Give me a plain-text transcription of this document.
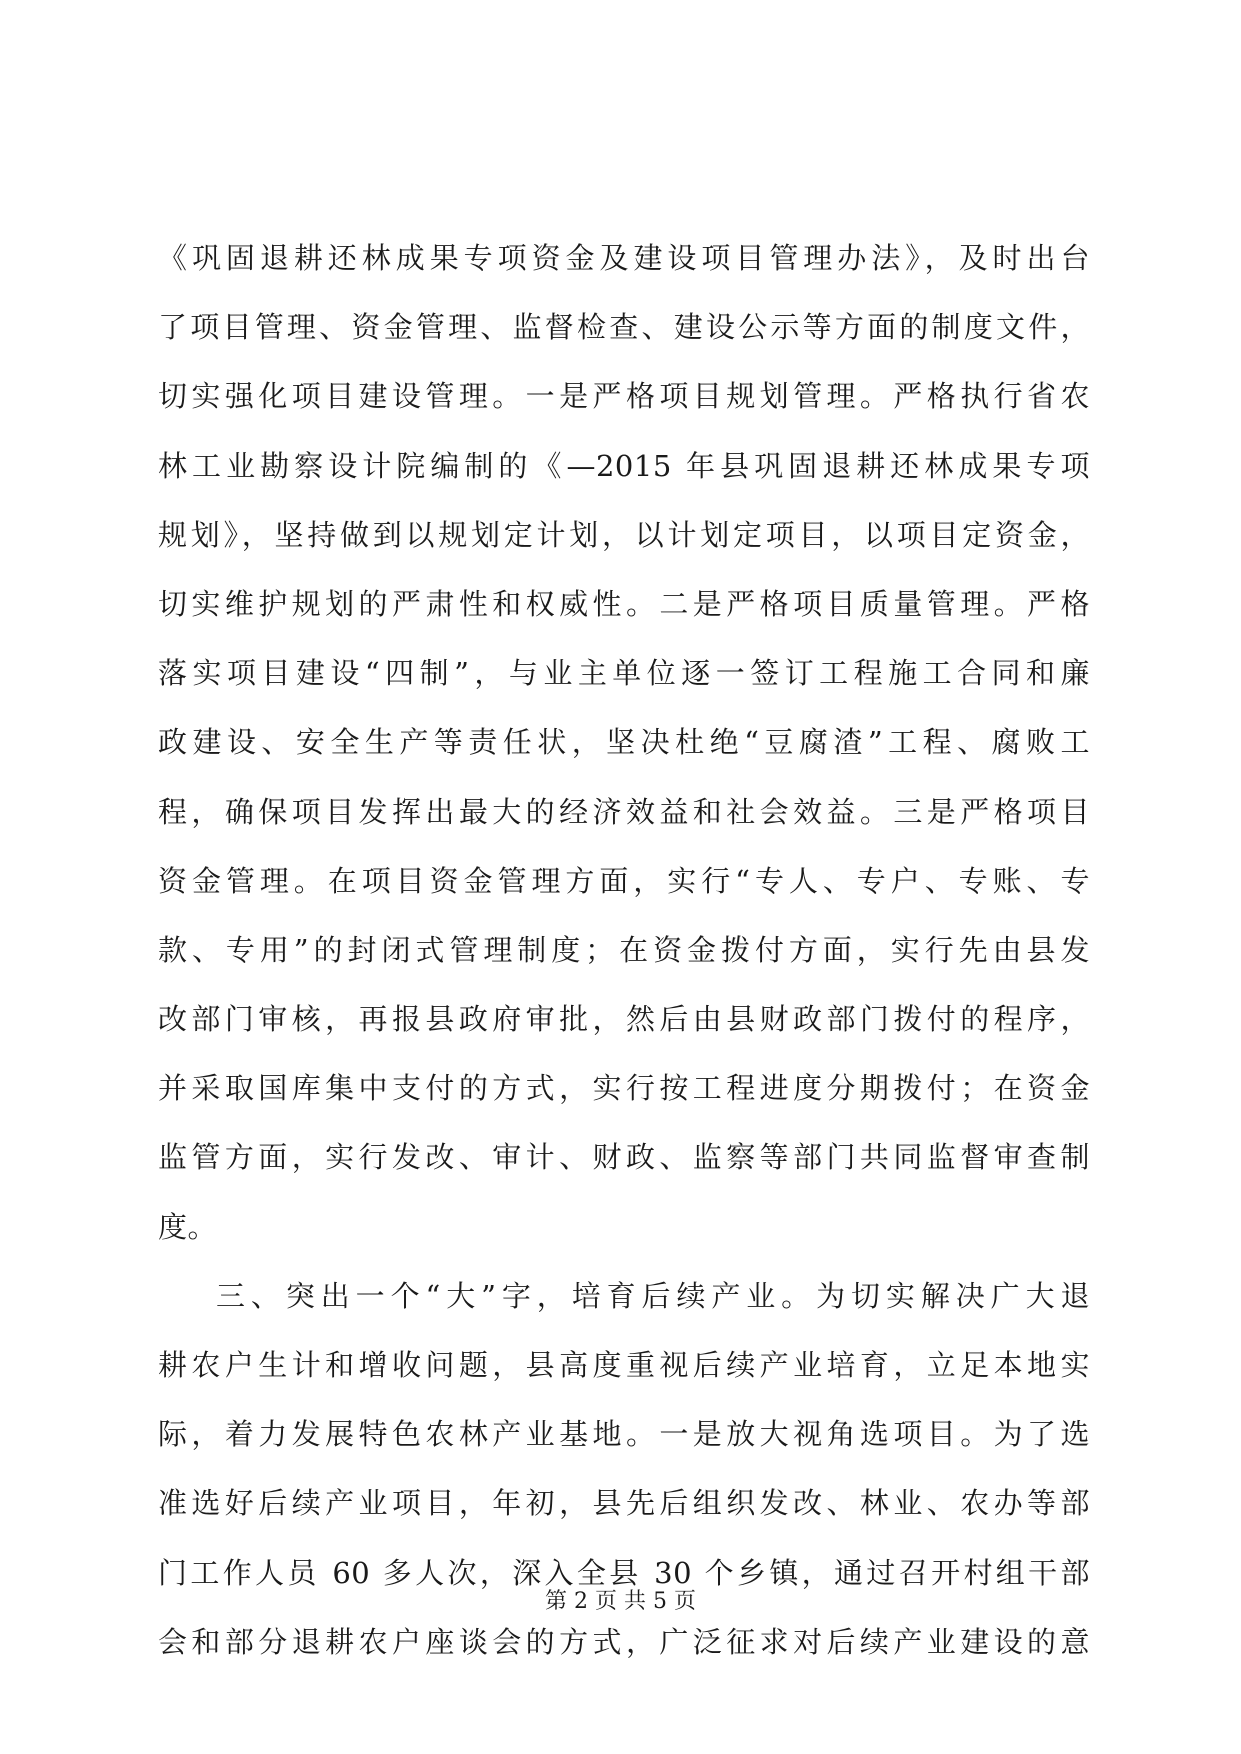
《巩固退耕还林成果专项资金及建设项目管理办法》，及时出台
了项目管理、资金管理、监督检查、建设公示等方面的制度文件，
切实强化项目建设管理。一是严格项目规划管理。严格执行省农
林工业勘察设计院编制的《—2015 年县巩固退耕还林成果专项
规划》，坚持做到以规划定计划，以计划定项目，以项目定资金，
切实维护规划的严肃性和权威性。二是严格项目质量管理。严格
落实项目建设“四制”，与业主单位逐一签订工程施工合同和廉
政建设、安全生产等责任状，坚决杜绝“豆腐渣”工程、腐败工
程，确保项目发挥出最大的经济效益和社会效益。三是严格项目
资金管理。在项目资金管理方面，实行“专人、专户、专账、专
款、专用”的封闭式管理制度；在资金拨付方面，实行先由县发
改部门审核，再报县政府审批，然后由县财政部门拨付的程序，
并采取国库集中支付的方式，实行按工程进度分期拨付；在资金
监管方面，实行发改、审计、财政、监察等部门共同监督审查制
度。
三、突出一个“大”字，培育后续产业。为切实解决广大退
耕农户生计和增收问题，县高度重视后续产业培育，立足本地实
际，着力发展特色农林产业基地。一是放大视角选项目。为了选
准选好后续产业项目，年初，县先后组织发改、林业、农办等部
门工作人员 60 多人次，深入全县 30 个乡镇，通过召开村组干部
会和部分退耕农户座谈会的方式，广泛征求对后续产业建设的意
第 2 页 共 5 页
